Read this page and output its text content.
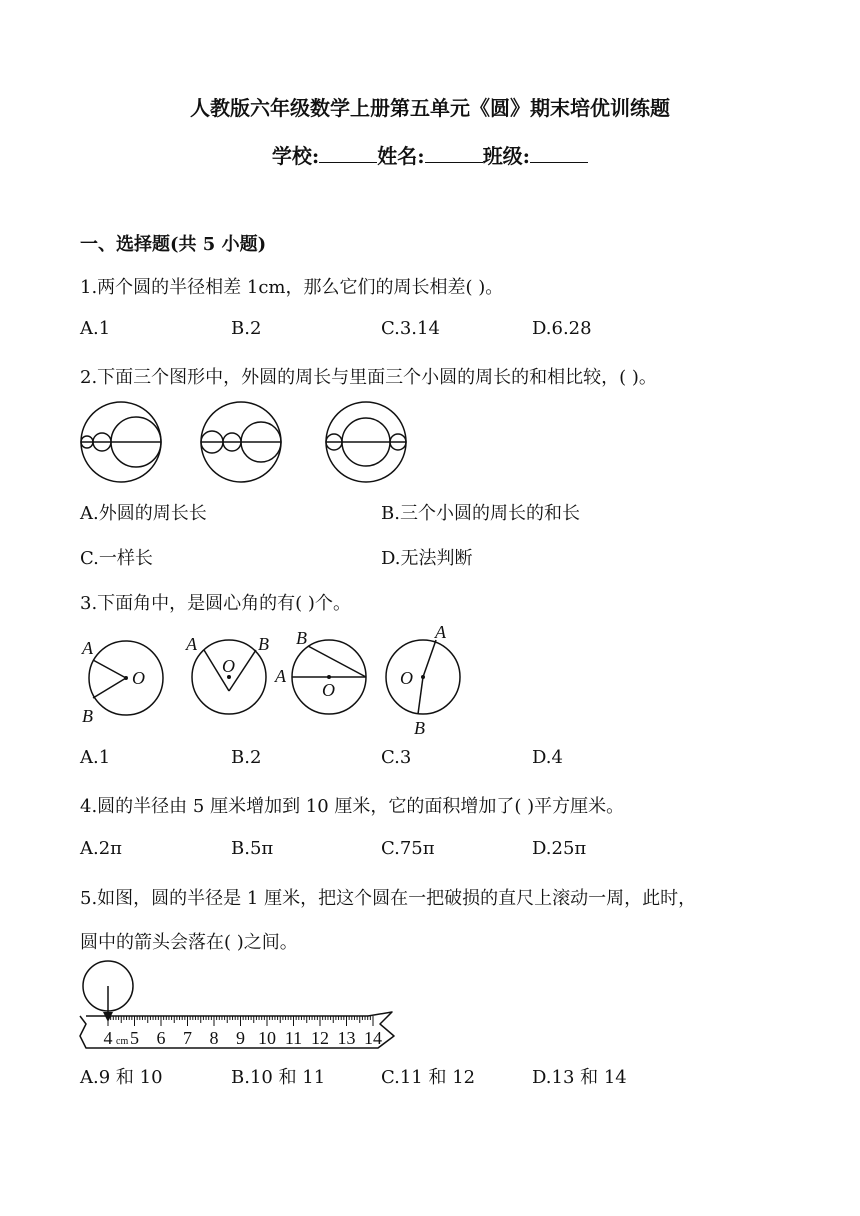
人教版六年级数学上册第五单元《圆》期末培优训练题
学校:	姓名:	班级:
一、选择题(共 5 小题)
1.两个圆的半径相差 1cm，那么它们的周长相差( )。
A.1	B.2	C.3.14	D.6.28
2.下面三个图形中，外圆的周长与里面三个小圆的周长的和相比较，( )。
A.外圆的周长长	B.三个小圆的周长的和长
C.一样长	D.无法判断
3.下面角中，是圆心角的有( )个。
A
B
O
A	B
O
B
A
O
A
O
B
A.1	B.2	C.3	D.4
4.圆的半径由 5 厘米增加到 10 厘米，它的面积增加了( )平方厘米。
A.2π	B.5π	C.75π	D.25π
5.如图，圆的半径是 1 厘米，把这个圆在一把破损的直尺上滚动一周，此时，
圆中的箭头会落在( )之间。
4 5 6 7 8 9 10 11 12 13 14
cm
A.9 和 10	B.10 和 11	C.11 和 12	D.13 和 14
